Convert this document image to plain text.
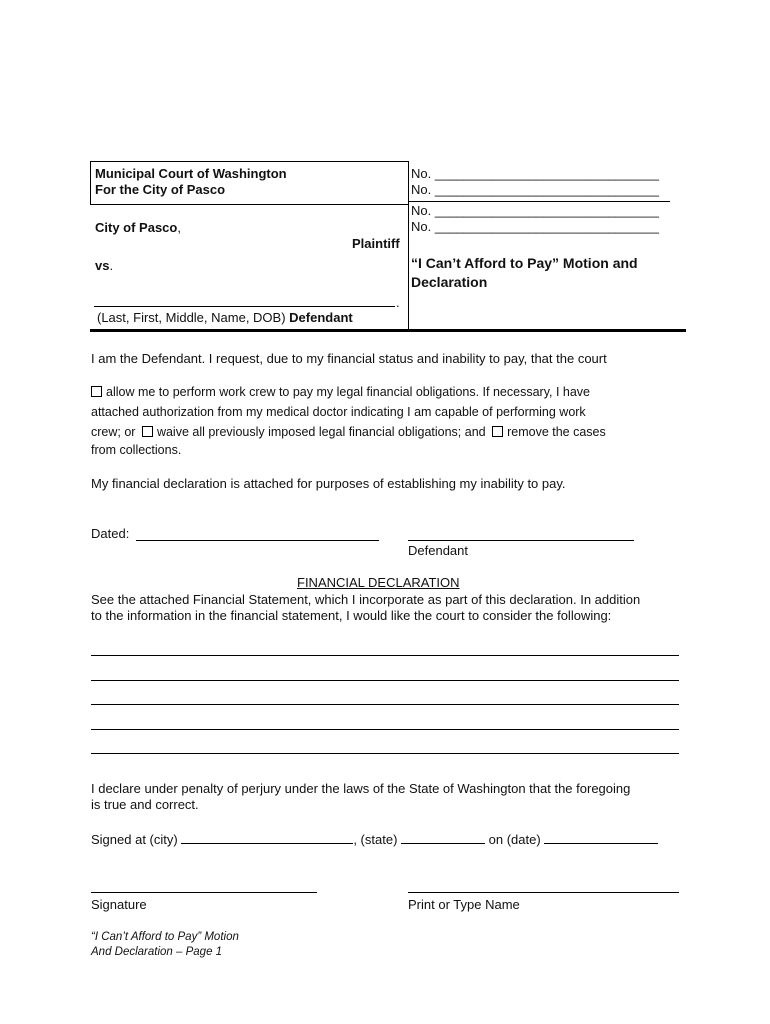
Municipal Court of Washington
For the City of Pasco
City of Pasco,
Plaintiff
vs.
.
(Last, First, Middle, Name, DOB) Defendant
No. _______________________________
No. _______________________________
No. _______________________________
No. _______________________________
“I Can’t Afford to Pay” Motion and
Declaration
I am the Defendant. I request, due to my financial status and inability to pay, that the court
allow me to perform work crew to pay my legal financial obligations. If necessary, I have
attached authorization from my medical doctor indicating I am capable of performing work
crew; or waive all previously imposed legal financial obligations; and remove the cases
from collections.
My financial declaration is attached for purposes of establishing my inability to pay.
Dated:
Defendant
FINANCIAL DECLARATION
See the attached Financial Statement, which I incorporate as part of this declaration. In addition
to the information in the financial statement, I would like the court to consider the following:
I declare under penalty of perjury under the laws of the State of Washington that the foregoing
is true and correct.
Signed at (city)	, (state)	on (date)
Signature	Print or Type Name
“I Can’t Afford to Pay” Motion
And Declaration – Page 1
